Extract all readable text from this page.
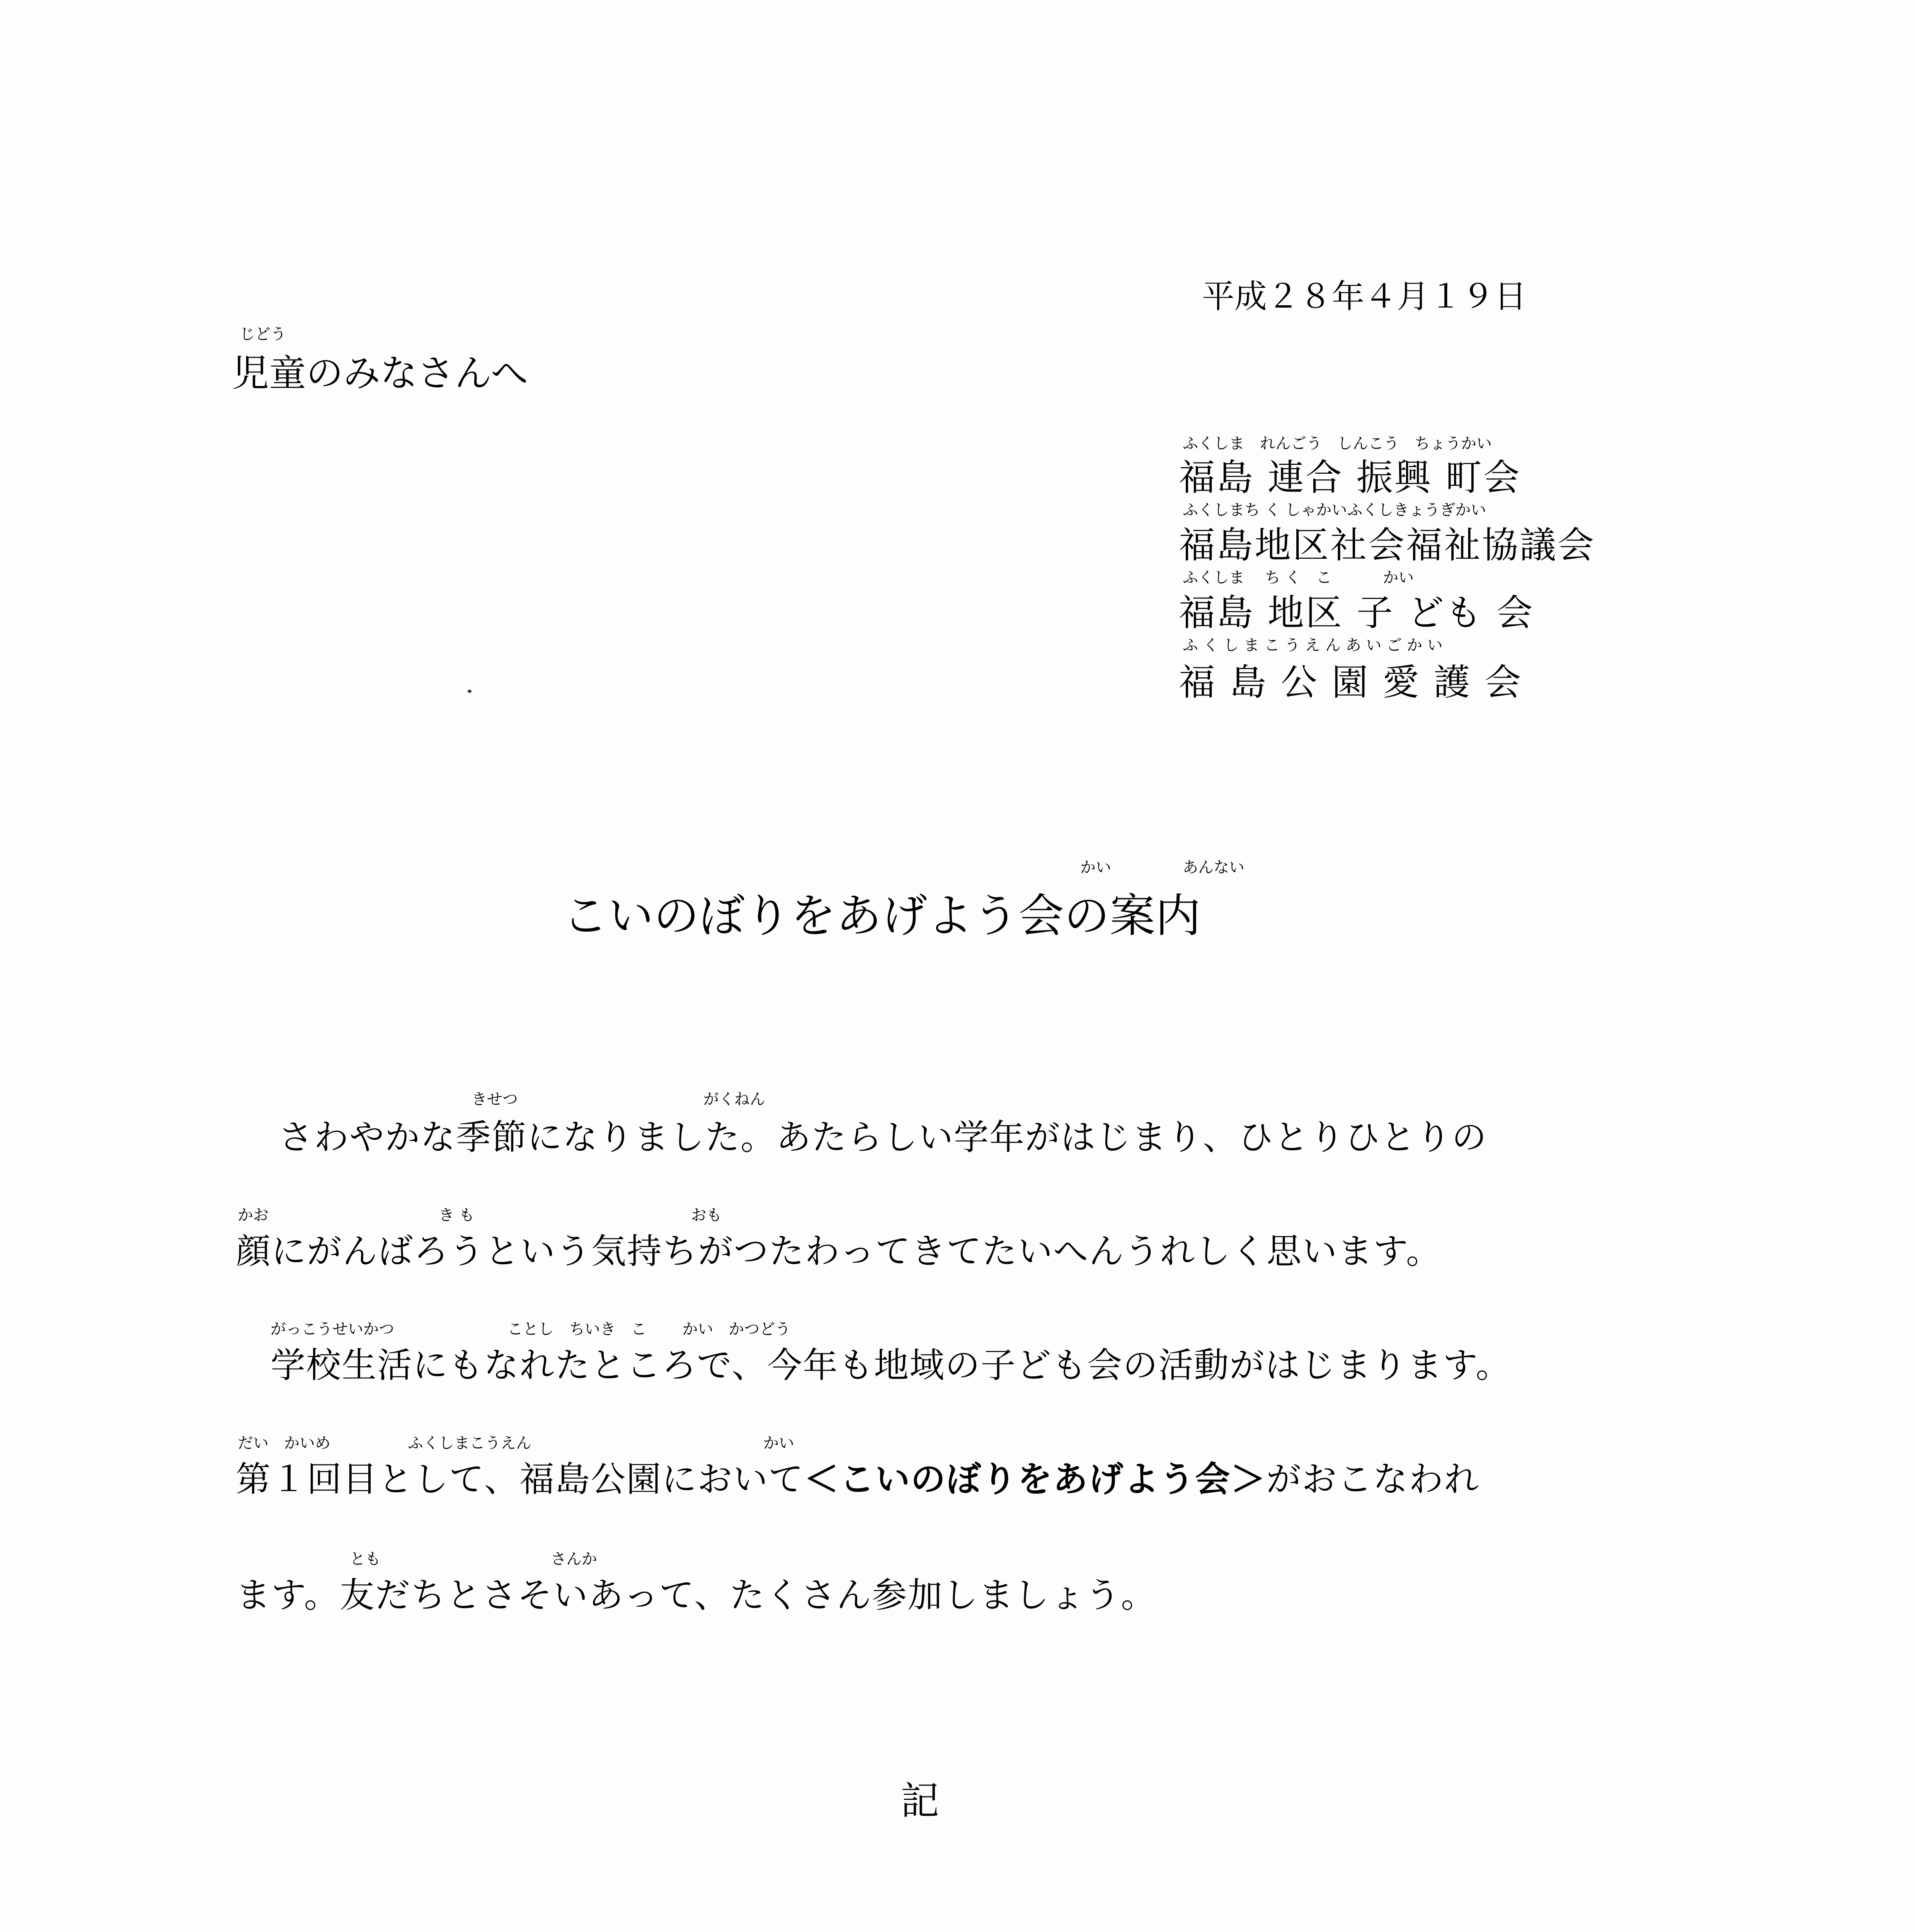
平成２８年４月１９日
じどう
児童のみなさんへ
ふくしま　れんごう　しんこう　ちょうかい
福島 連合 振興 町会
ふくしまち く しゃかいふくしきょうぎかい
福島地区社会福祉協議会
ふくしま　 ち く　こ　　　 かい
福島 地区 子 ども 会
ふ く し ま こ う え ん あ い ご か い
福 島 公 園 愛 護 会
かい	あんない
こいのぼりをあげよう会の案内
きせつ　　　　　　　　　　　　がくねん
さわやかな季節になりました。あたらしい学年がはじまり、ひとりひとりの
かお　　　　　　　　　　　き も　　　　　　　　　　　　　　おも
顔にがんばろうという気持ちがつたわってきてたいへんうれしく思います。
がっこうせいかつ　　　　　　　 ことし　ちいき　こ　　 かい　かつどう
学校生活にもなれたところで、今年も地域の子ども会の活動がはじまります。
だい　かいめ　　　　　ふくしまこうえん　　　　　　　　　　　　　　　かい
第１回目として、福島公園において＜こいのぼりをあげよう会＞がおこなわれ
とも　　　　　　　　　　　さんか
ます。友だちとさそいあって、たくさん参加しましょう。
記
